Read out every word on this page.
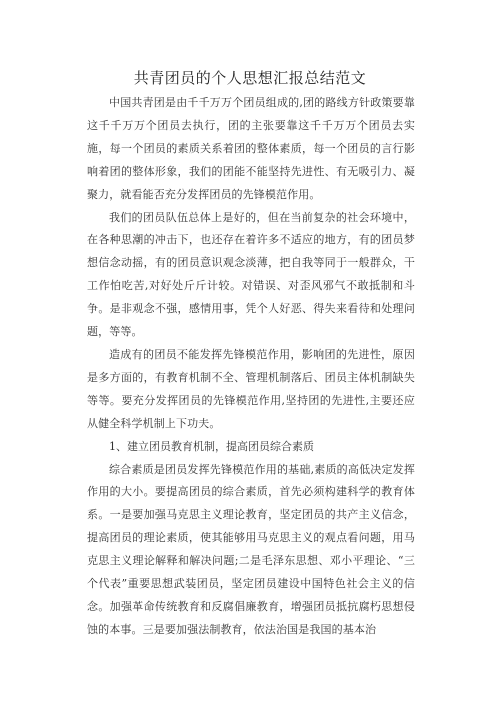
共青团员的个人思想汇报总结范文

中国共青团是由千千万万个团员组成的,团的路线方针政策要靠这千千万万个团员去执行，团的主张要靠这千千万万个团员去实施，每一个团员的素质关系着团的整体素质，每一个团员的言行影响着团的整体形象，我们的团能不能坚持先进性、有无吸引力、凝聚力，就看能否充分发挥团员的先锋模范作用。

我们的团员队伍总体上是好的，但在当前复杂的社会环境中，在各种思潮的冲击下，也还存在着许多不适应的地方，有的团员梦想信念动摇，有的团员意识观念淡薄，把自我等同于一般群众，干工作怕吃苦,对好处斤斤计较。对错误、对歪风邪气不敢抵制和斗争。是非观念不强，感情用事，凭个人好恶、得失来看待和处理问题，等等。

造成有的团员不能发挥先锋模范作用，影响团的先进性，原因是多方面的，有教育机制不全、管理机制落后、团员主体机制缺失等等。要充分发挥团员的先锋模范作用,坚持团的先进性,主要还应从健全科学机制上下功夫。

1、建立团员教育机制，提高团员综合素质

综合素质是团员发挥先锋模范作用的基础,素质的高低决定发挥作用的大小。要提高团员的综合素质，首先必须构建科学的教育体系。一是要加强马克思主义理论教育，坚定团员的共产主义信念，提高团员的理论素质，使其能够用马克思主义的观点看问题，用马克思主义理论解释和解决问题;二是毛泽东思想、邓小平理论、“三个代表”重要思想武装团员，坚定团员建设中国特色社会主义的信念。加强革命传统教育和反腐倡廉教育，增强团员抵抗腐朽思想侵蚀的本事。三是要加强法制教育，依法治国是我国的基本治
